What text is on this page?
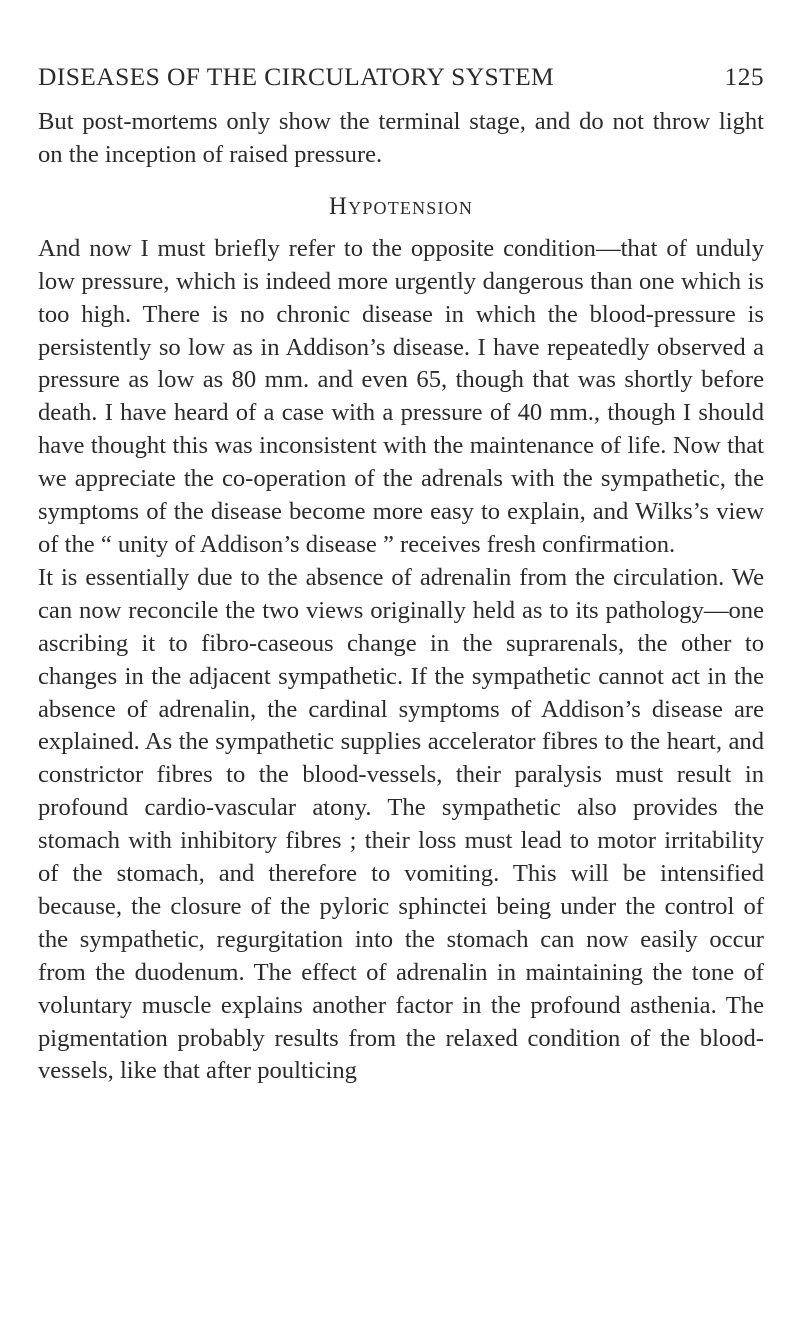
DISEASES OF THE CIRCULATORY SYSTEM	125

But post-mortems only show the terminal stage, and do not throw light on the inception of raised pressure.

Hypotension

And now I must briefly refer to the opposite condition—that of unduly low pressure, which is indeed more urgently dangerous than one which is too high. There is no chronic disease in which the blood-pressure is persistently so low as in Addison’s disease. I have repeatedly observed a pressure as low as 80 mm. and even 65, though that was shortly before death. I have heard of a case with a pressure of 40 mm., though I should have thought this was inconsistent with the maintenance of life. Now that we appreciate the co-operation of the adrenals with the sympathetic, the symptoms of the disease become more easy to explain, and Wilks’s view of the “ unity of Addison’s disease ” receives fresh confirmation.

It is essentially due to the absence of adrenalin from the circulation. We can now reconcile the two views originally held as to its pathology—one ascribing it to fibro-caseous change in the suprarenals, the other to changes in the adjacent sympathetic. If the sympathetic cannot act in the absence of adrenalin, the cardinal symptoms of Addison’s disease are explained. As the sympathetic supplies accelerator fibres to the heart, and constrictor fibres to the blood-vessels, their paralysis must result in profound cardio-vascular atony. The sympathetic also provides the stomach with inhibitory fibres ; their loss must lead to motor irritability of the stomach, and therefore to vomiting. This will be intensified because, the closure of the pyloric sphinctei being under the control of the sympathetic, regurgitation into the stomach can now easily occur from the duodenum. The effect of adrenalin in maintaining the tone of voluntary muscle explains another factor in the profound asthenia. The pigmentation probably results from the relaxed condition of the blood-vessels, like that after poulticing
